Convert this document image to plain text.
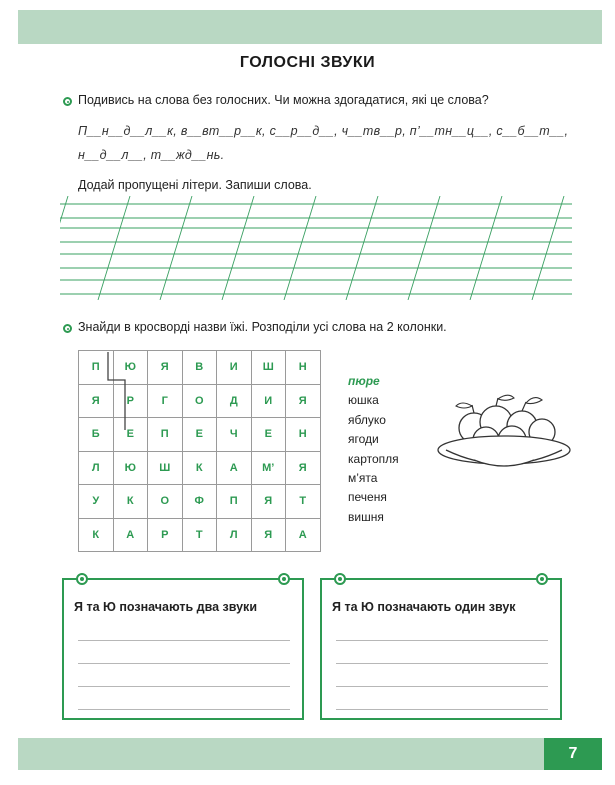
ГОЛОСНІ ЗВУКИ
Подивись на слова без голосних. Чи можна здогадатися, які це слова?
П__н__д__л__к, в__вт__р__к, с__р__д__, ч__тв__р, п’__тн__ц__, с__б__т__,
н__д__л__, т__жд__нь.
Додай пропущені літери. Запиши слова.
Знайди в кросворді назви їжі. Розподіли усі слова на 2 колонки.
П	Ю	Я	В	И	Ш	Н
Я	Р	Г	О	Д	И	Я
Б	Е	П	Е	Ч	Е	Н
Л	Ю	Ш	К	А	М’	Я
У	К	О	Ф	П	Я	Т
К	А	Р	Т	Л	Я	А
пюре
юшка
яблуко
ягоди
картопля
м’ята
печеня
вишня
Я та Ю позначають два звуки	Я та Ю позначають один звук
7
